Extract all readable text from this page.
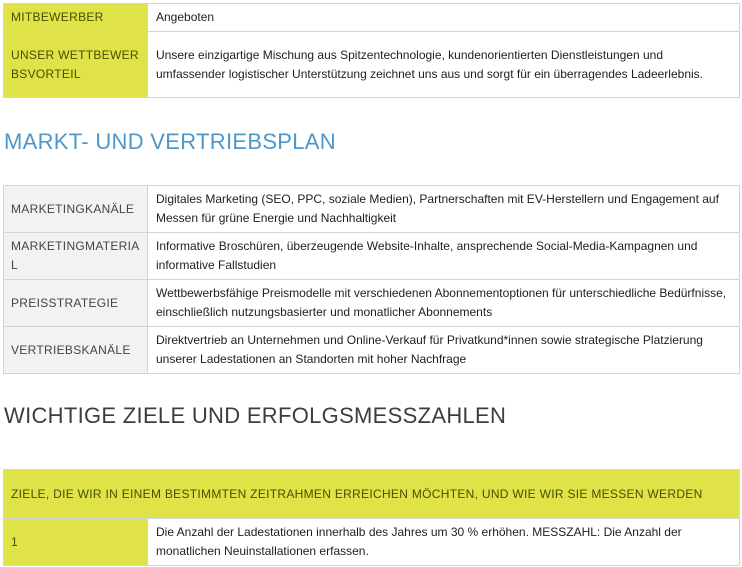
MITBEWERBER	Angeboten
UNSER WETTBEWERBSVORTEIL	Unsere einzigartige Mischung aus Spitzentechnologie, kundenorientierten Dienstleistungen und umfassender logistischer Unterstützung zeichnet uns aus und sorgt für ein überragendes Ladeerlebnis.
MARKT- UND VERTRIEBSPLAN
MARKETINGKANÄLE	Digitales Marketing (SEO, PPC, soziale Medien), Partnerschaften mit EV-Herstellern und Engagement auf Messen für grüne Energie und Nachhaltigkeit
MARKETINGMATERIAL	Informative Broschüren, überzeugende Website-Inhalte, ansprechende Social-Media-Kampagnen und informative Fallstudien
PREISSTRATEGIE	Wettbewerbsfähige Preismodelle mit verschiedenen Abonnementoptionen für unterschiedliche Bedürfnisse, einschließlich nutzungsbasierter und monatlicher Abonnements
VERTRIEBSKANÄLE	Direktvertrieb an Unternehmen und Online-Verkauf für Privatkund*innen sowie strategische Platzierung unserer Ladestationen an Standorten mit hoher Nachfrage
WICHTIGE ZIELE UND ERFOLGSMESSZAHLEN
ZIELE, DIE WIR IN EINEM BESTIMMTEN ZEITRAHMEN ERREICHEN MÖCHTEN, UND WIE WIR SIE MESSEN WERDEN
1	Die Anzahl der Ladestationen innerhalb des Jahres um 30 % erhöhen. MESSZAHL: Die Anzahl der monatlichen Neuinstallationen erfassen.
